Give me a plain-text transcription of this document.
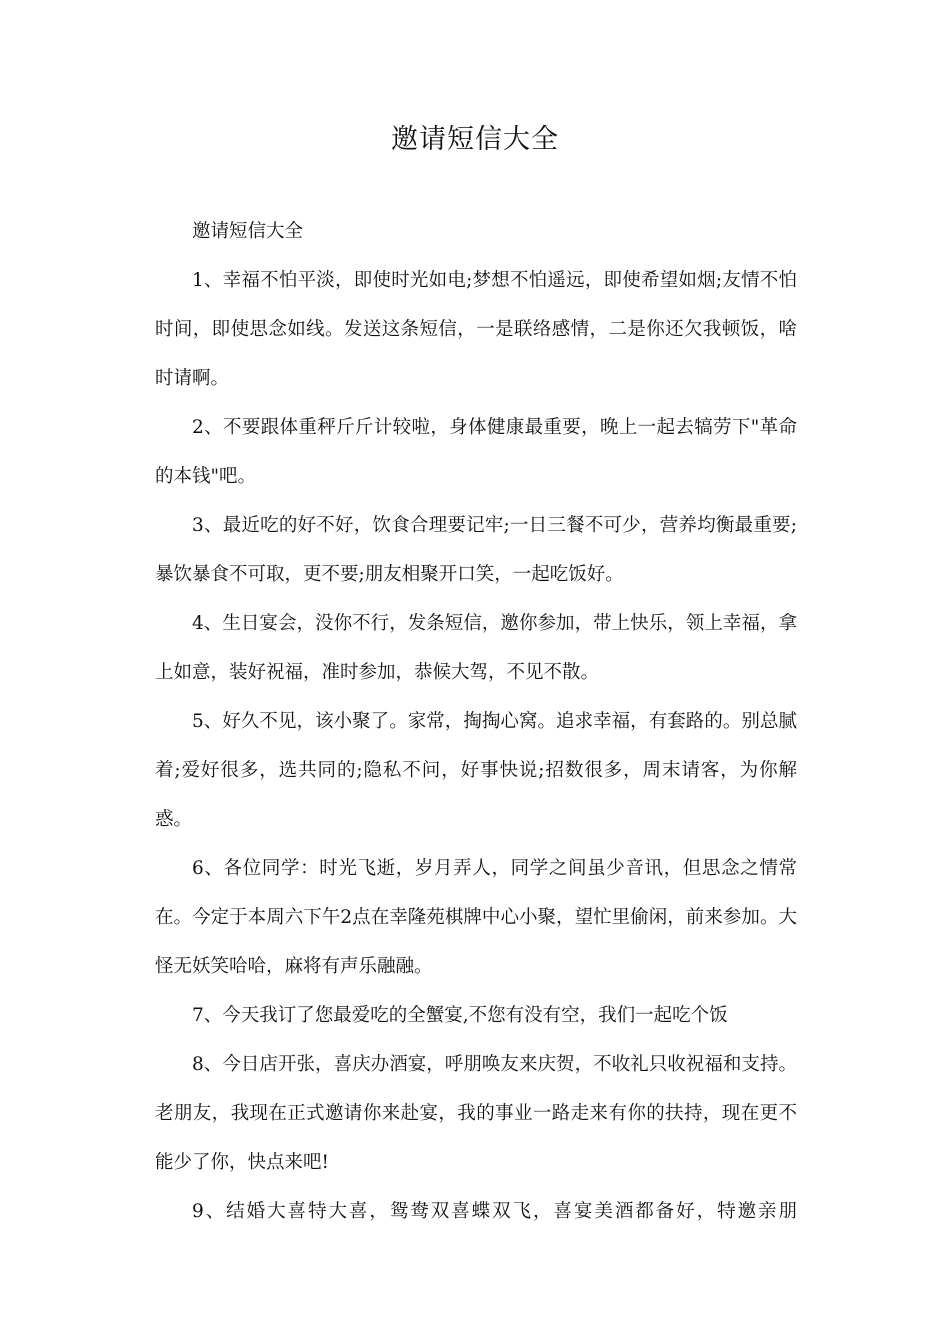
邀请短信大全

邀请短信大全

1、幸福不怕平淡，即使时光如电;梦想不怕遥远，即使希望如烟;友情不怕时间，即使思念如线。发送这条短信，一是联络感情，二是你还欠我顿饭，啥时请啊。

2、不要跟体重秤斤斤计较啦，身体健康最重要，晚上一起去犒劳下"革命的本钱"吧。

3、最近吃的好不好，饮食合理要记牢;一日三餐不可少，营养均衡最重要;暴饮暴食不可取，更不要;朋友相聚开口笑，一起吃饭好。

4、生日宴会，没你不行，发条短信，邀你参加，带上快乐，领上幸福，拿上如意，装好祝福，准时参加，恭候大驾，不见不散。

5、好久不见，该小聚了。家常，掏掏心窝。追求幸福，有套路的。别总腻着;爱好很多，选共同的;隐私不问，好事快说;招数很多，周末请客，为你解惑。

6、各位同学：时光飞逝，岁月弄人，同学之间虽少音讯，但思念之情常在。今定于本周六下午2点在幸隆苑棋牌中心小聚，望忙里偷闲，前来参加。大怪无妖笑哈哈，麻将有声乐融融。

7、今天我订了您最爱吃的全蟹宴,不您有没有空，我们一起吃个饭

8、今日店开张，喜庆办酒宴，呼朋唤友来庆贺，不收礼只收祝福和支持。老朋友，我现在正式邀请你来赴宴，我的事业一路走来有你的扶持，现在更不能少了你，快点来吧!

9、结婚大喜特大喜，鸳鸯双喜蝶双飞，喜宴美酒都备好，特邀亲朋
